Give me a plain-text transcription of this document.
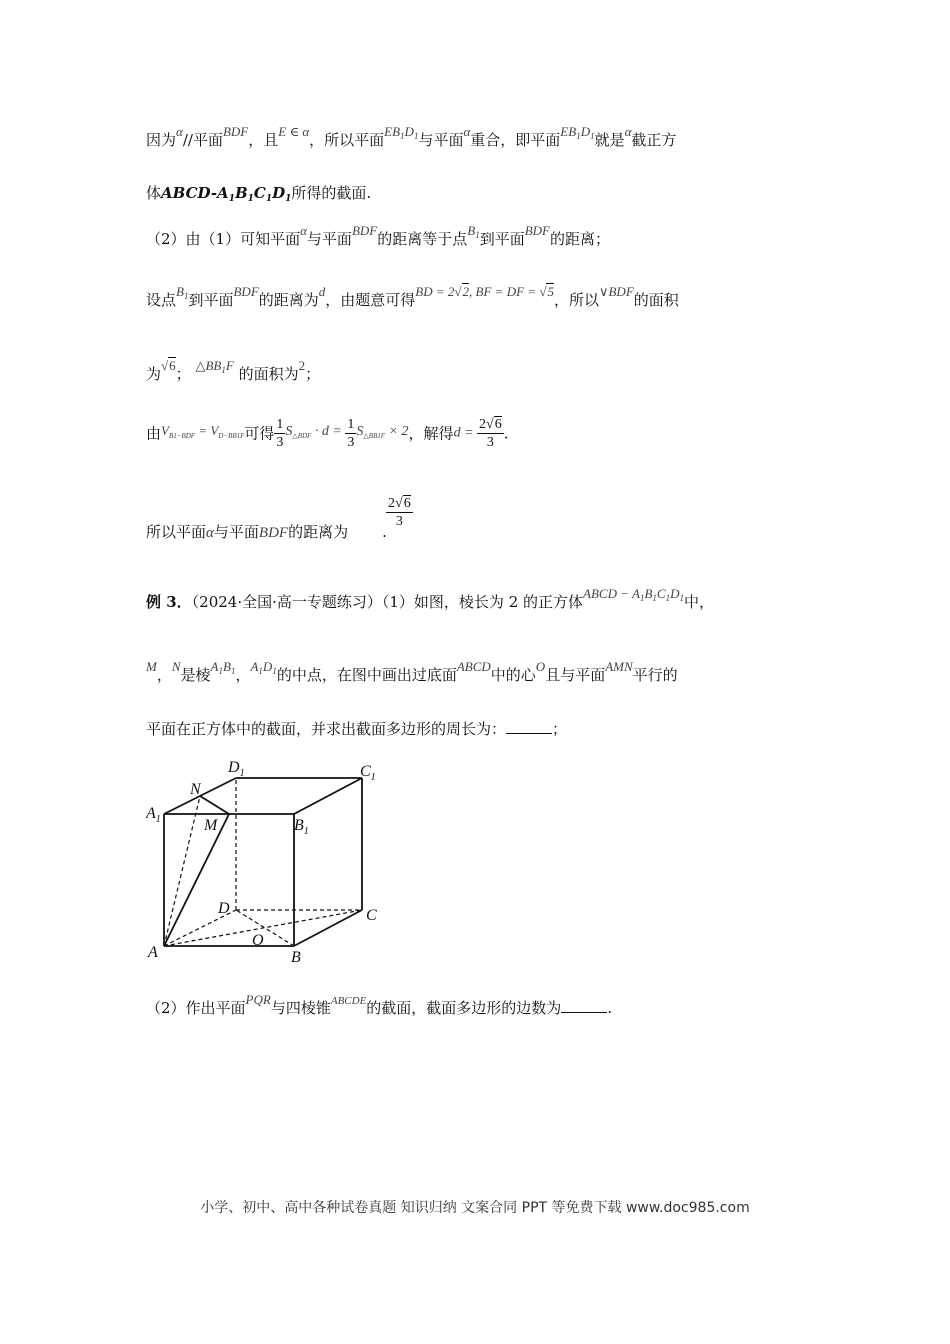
因为α//平面BDF，且E ∈ α，所以平面$EB_1D_1$与平面α重合，即平面$EB_1D_1$就是α截正方
体ABCD-$A_1B_1C_1D_1$所得的截面.
（2）由（1）可知平面α与平面BDF的距离等于点$B_1$到平面BDF的距离；
设点$B_1$到平面BDF的距离为d，由题意可得BD = 2√2, BF = DF = √5，所以∨BDF的面积
为√6； $\triangle BB_1F$ 的面积为2；
由$V_{B1-BDF} = V_{D-BB1F}$可得 $\frac{1}{3} S_{\triangle BDF} \cdot d = \frac{1}{3} S_{\triangle BB1F} \times 2$，解得$d = \frac{2√6}{3}$ .
$\frac{2√6}{3}$
所以平面α与平面BDF的距离为 .
例 3．（2024·全国·高一专题练习）（1）如图，棱长为 2 的正方体ABCD − $A_1B_1C_1D_1$中，
M，N是棱$A_1B_1$，$A_1D_1$的中点，在图中画出过底面ABCD中的心O且与平面AMN平行的
平面在正方体中的截面，并求出截面多边形的周长为：	；
$D_1$	$C_1$
N
$A_1$	M	$B_1$
D	C
O
A	B
（2）作出平面PQR与四棱锥$^{ABCDE}$的截面，截面多边形的边数为	.
小学、初中、高中各种试卷真题 知识归纳 文案合同 PPT 等免费下载 www.doc985.com
